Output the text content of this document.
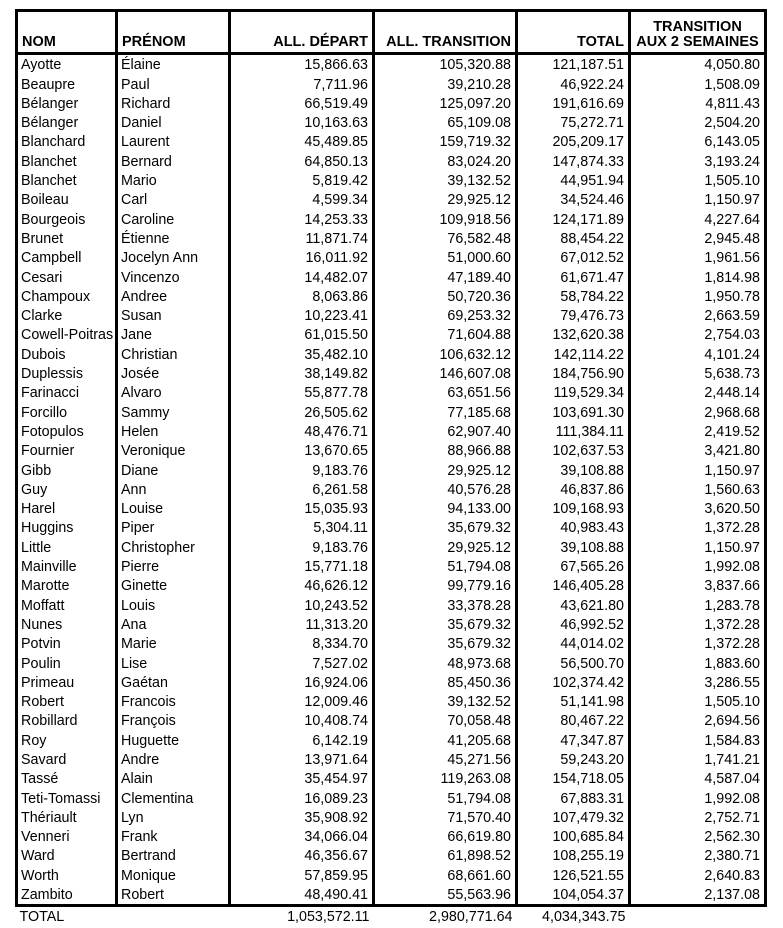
NOM	PRÉNOM	ALL. DÉPART	ALL. TRANSITION	TOTAL	TRANSITION
AUX 2 SEMAINES

Ayotte	Élaine	15,866.63	105,320.88	121,187.51	4,050.80
Beaupre	Paul	7,711.96	39,210.28	46,922.24	1,508.09
Bélanger	Richard	66,519.49	125,097.20	191,616.69	4,811.43
Bélanger	Daniel	10,163.63	65,109.08	75,272.71	2,504.20
Blanchard	Laurent	45,489.85	159,719.32	205,209.17	6,143.05
Blanchet	Bernard	64,850.13	83,024.20	147,874.33	3,193.24
Blanchet	Mario	5,819.42	39,132.52	44,951.94	1,505.10
Boileau	Carl	4,599.34	29,925.12	34,524.46	1,150.97
Bourgeois	Caroline	14,253.33	109,918.56	124,171.89	4,227.64
Brunet	Étienne	11,871.74	76,582.48	88,454.22	2,945.48
Campbell	Jocelyn Ann	16,011.92	51,000.60	67,012.52	1,961.56
Cesari	Vincenzo	14,482.07	47,189.40	61,671.47	1,814.98
Champoux	Andree	8,063.86	50,720.36	58,784.22	1,950.78
Clarke	Susan	10,223.41	69,253.32	79,476.73	2,663.59
Cowell-Poitras	Jane	61,015.50	71,604.88	132,620.38	2,754.03
Dubois	Christian	35,482.10	106,632.12	142,114.22	4,101.24
Duplessis	Josée	38,149.82	146,607.08	184,756.90	5,638.73
Farinacci	Alvaro	55,877.78	63,651.56	119,529.34	2,448.14
Forcillo	Sammy	26,505.62	77,185.68	103,691.30	2,968.68
Fotopulos	Helen	48,476.71	62,907.40	111,384.11	2,419.52
Fournier	Veronique	13,670.65	88,966.88	102,637.53	3,421.80
Gibb	Diane	9,183.76	29,925.12	39,108.88	1,150.97
Guy	Ann	6,261.58	40,576.28	46,837.86	1,560.63
Harel	Louise	15,035.93	94,133.00	109,168.93	3,620.50
Huggins	Piper	5,304.11	35,679.32	40,983.43	1,372.28
Little	Christopher	9,183.76	29,925.12	39,108.88	1,150.97
Mainville	Pierre	15,771.18	51,794.08	67,565.26	1,992.08
Marotte	Ginette	46,626.12	99,779.16	146,405.28	3,837.66
Moffatt	Louis	10,243.52	33,378.28	43,621.80	1,283.78
Nunes	Ana	11,313.20	35,679.32	46,992.52	1,372.28
Potvin	Marie	8,334.70	35,679.32	44,014.02	1,372.28
Poulin	Lise	7,527.02	48,973.68	56,500.70	1,883.60
Primeau	Gaétan	16,924.06	85,450.36	102,374.42	3,286.55
Robert	Francois	12,009.46	39,132.52	51,141.98	1,505.10
Robillard	François	10,408.74	70,058.48	80,467.22	2,694.56
Roy	Huguette	6,142.19	41,205.68	47,347.87	1,584.83
Savard	Andre	13,971.64	45,271.56	59,243.20	1,741.21
Tassé	Alain	35,454.97	119,263.08	154,718.05	4,587.04
Teti-Tomassi	Clementina	16,089.23	51,794.08	67,883.31	1,992.08
Thériault	Lyn	35,908.92	71,570.40	107,479.32	2,752.71
Venneri	Frank	34,066.04	66,619.80	100,685.84	2,562.30
Ward	Bertrand	46,356.67	61,898.52	108,255.19	2,380.71
Worth	Monique	57,859.95	68,661.60	126,521.55	2,640.83
Zambito	Robert	48,490.41	55,563.96	104,054.37	2,137.08
TOTAL		1,053,572.11	2,980,771.64	4,034,343.75	
